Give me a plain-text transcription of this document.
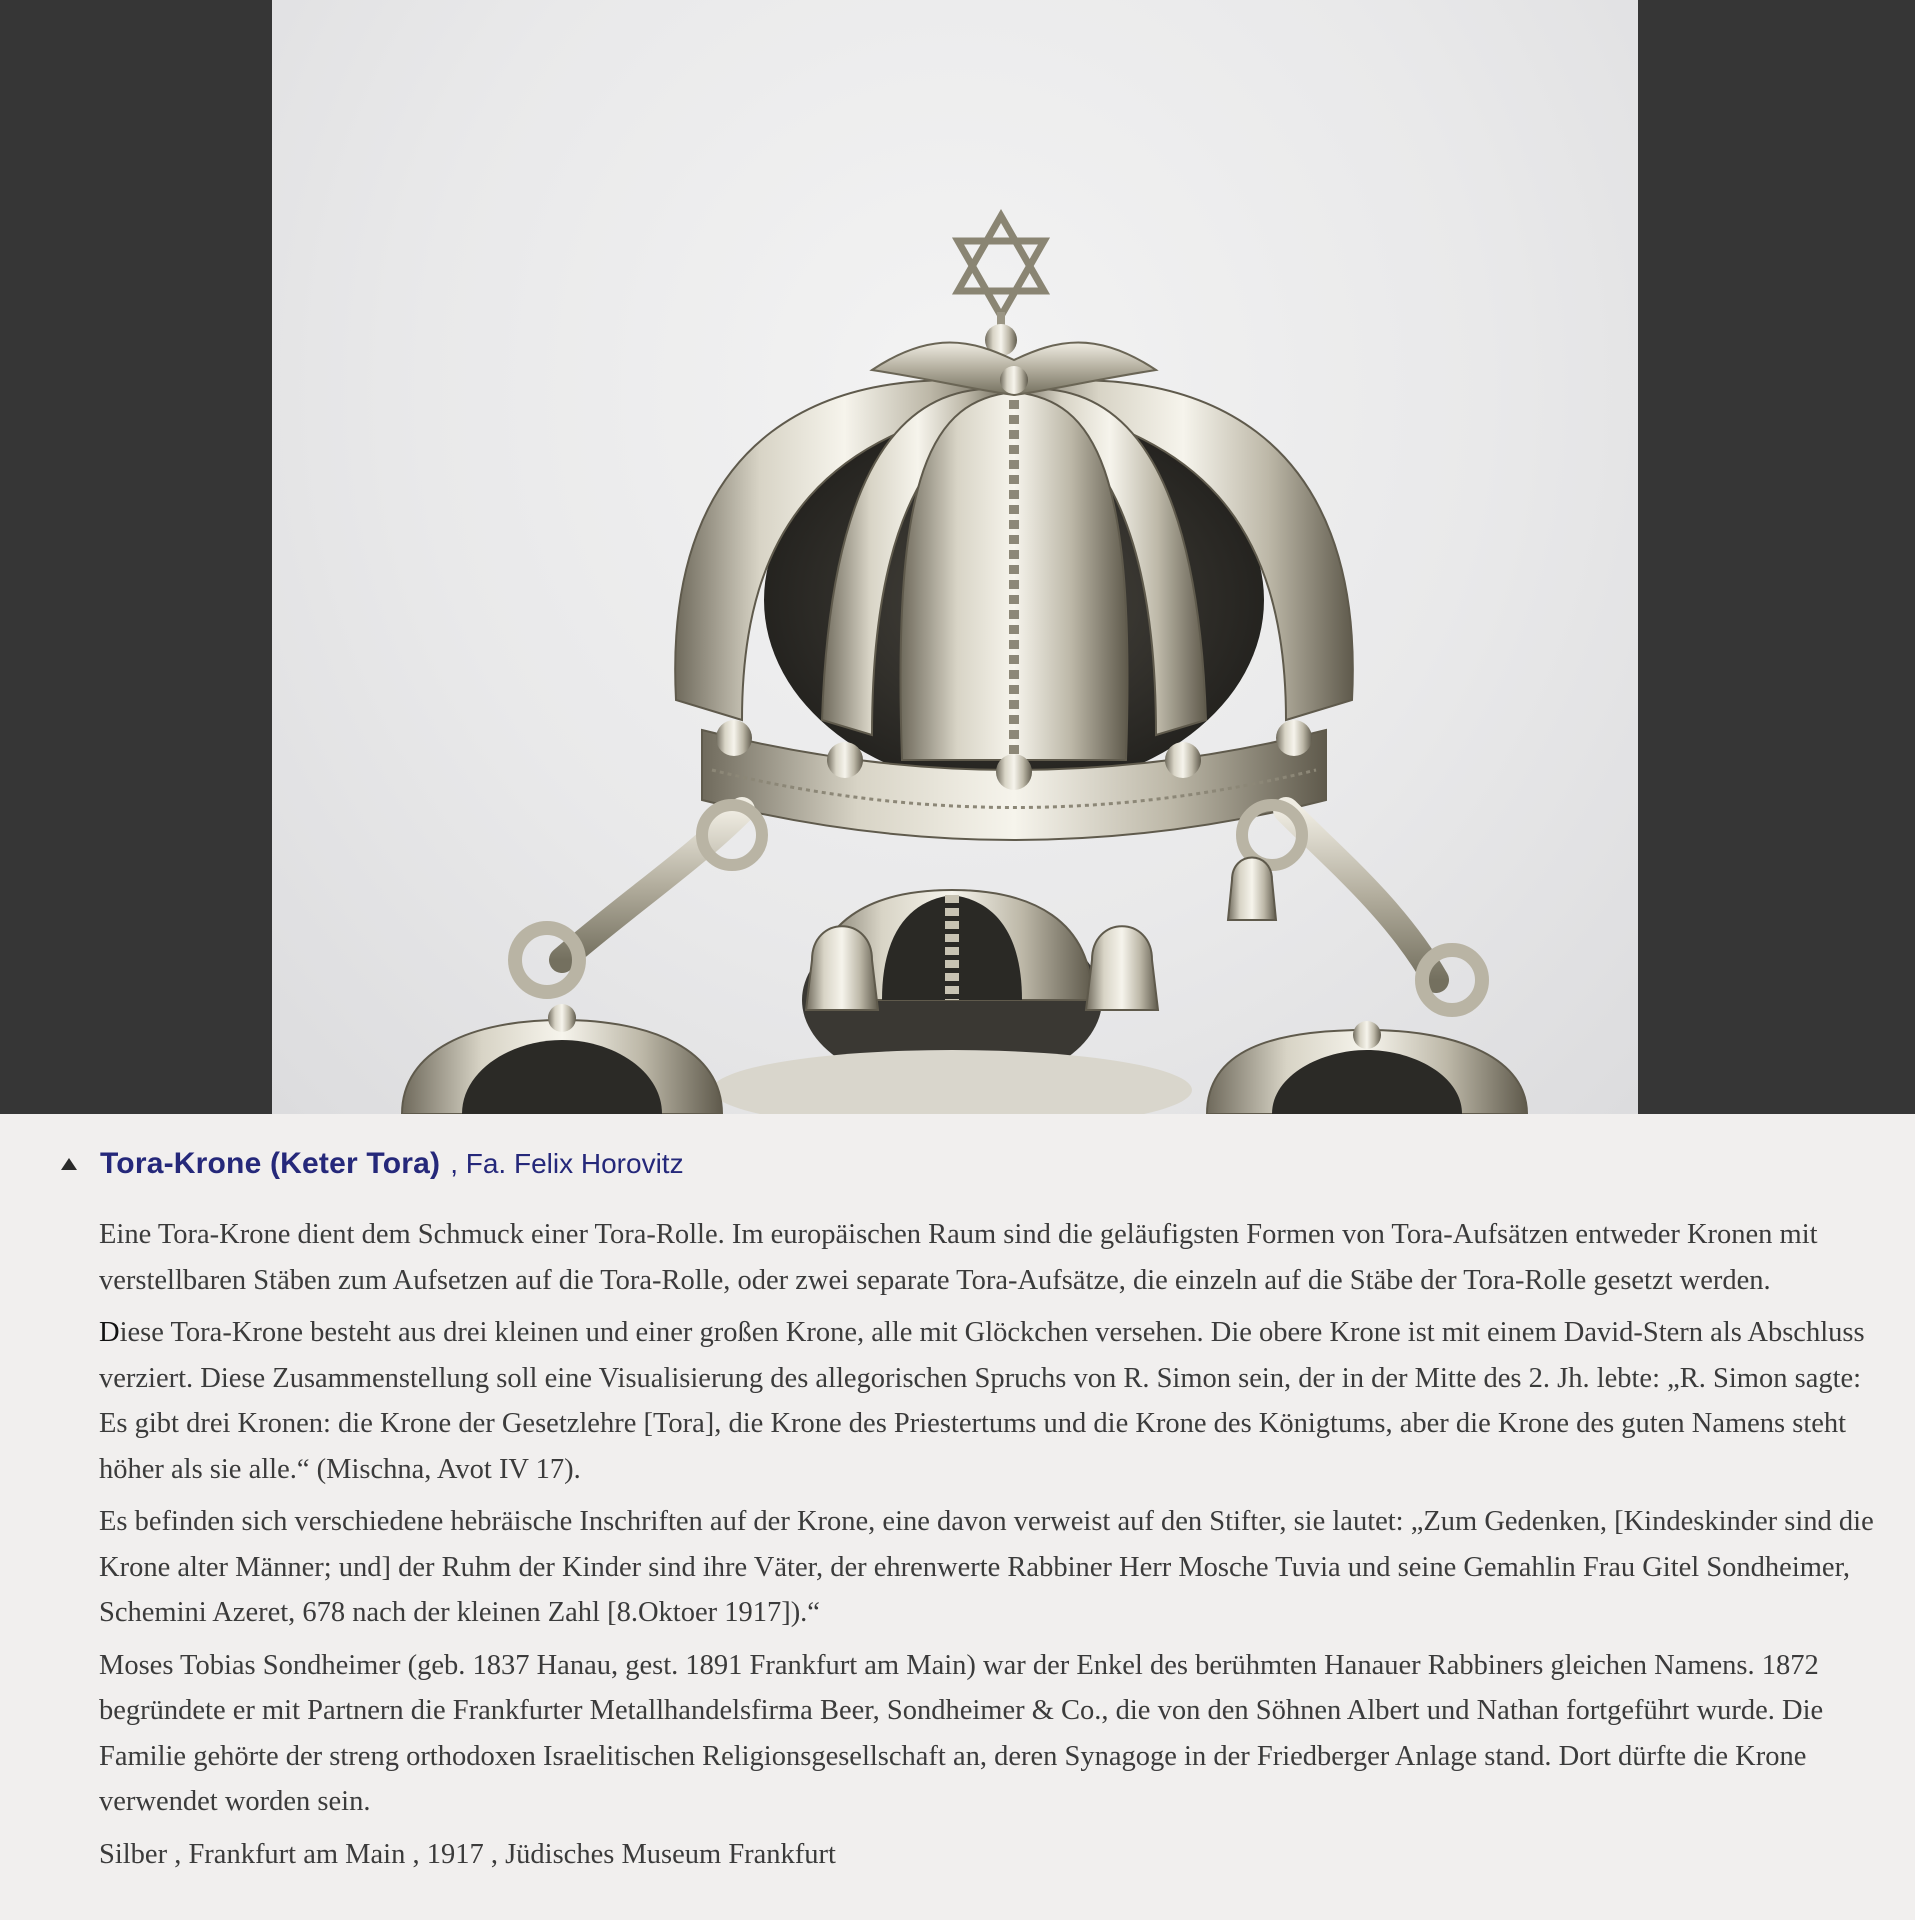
Tora-Krone (Keter Tora) , Fa. Felix Horovitz

Eine Tora-Krone dient dem Schmuck einer Tora-Rolle. Im europäischen Raum sind die geläufigsten Formen von Tora-Aufsätzen entweder Kronen mit verstellbaren Stäben zum Aufsetzen auf die Tora-Rolle, oder zwei separate Tora-Aufsätze, die einzeln auf die Stäbe der Tora-Rolle gesetzt werden.

Diese Tora-Krone besteht aus drei kleinen und einer großen Krone, alle mit Glöckchen versehen. Die obere Krone ist mit einem David-Stern als Abschluss verziert. Diese Zusammenstellung soll eine Visualisierung des allegorischen Spruchs von R. Simon sein, der in der Mitte des 2. Jh. lebte: „R. Simon sagte: Es gibt drei Kronen: die Krone der Gesetzlehre [Tora], die Krone des Priestertums und die Krone des Königtums, aber die Krone des guten Namens steht höher als sie alle.“ (Mischna, Avot IV 17).

Es befinden sich verschiedene hebräische Inschriften auf der Krone, eine davon verweist auf den Stifter, sie lautet: „Zum Gedenken, [Kindeskinder sind die Krone alter Männer; und] der Ruhm der Kinder sind ihre Väter, der ehrenwerte Rabbiner Herr Mosche Tuvia und seine Gemahlin Frau Gitel Sondheimer, Schemini Azeret, 678 nach der kleinen Zahl [8.Oktoer 1917]).“

Moses Tobias Sondheimer (geb. 1837 Hanau, gest. 1891 Frankfurt am Main) war der Enkel des berühmten Hanauer Rabbiners gleichen Namens. 1872 begründete er mit Partnern die Frankfurter Metallhandelsfirma Beer, Sondheimer & Co., die von den Söhnen Albert und Nathan fortgeführt wurde. Die Familie gehörte der streng orthodoxen Israelitischen Religionsgesellschaft an, deren Synagoge in der Friedberger Anlage stand. Dort dürfte die Krone verwendet worden sein.

Silber , Frankfurt am Main , 1917 , Jüdisches Museum Frankfurt
